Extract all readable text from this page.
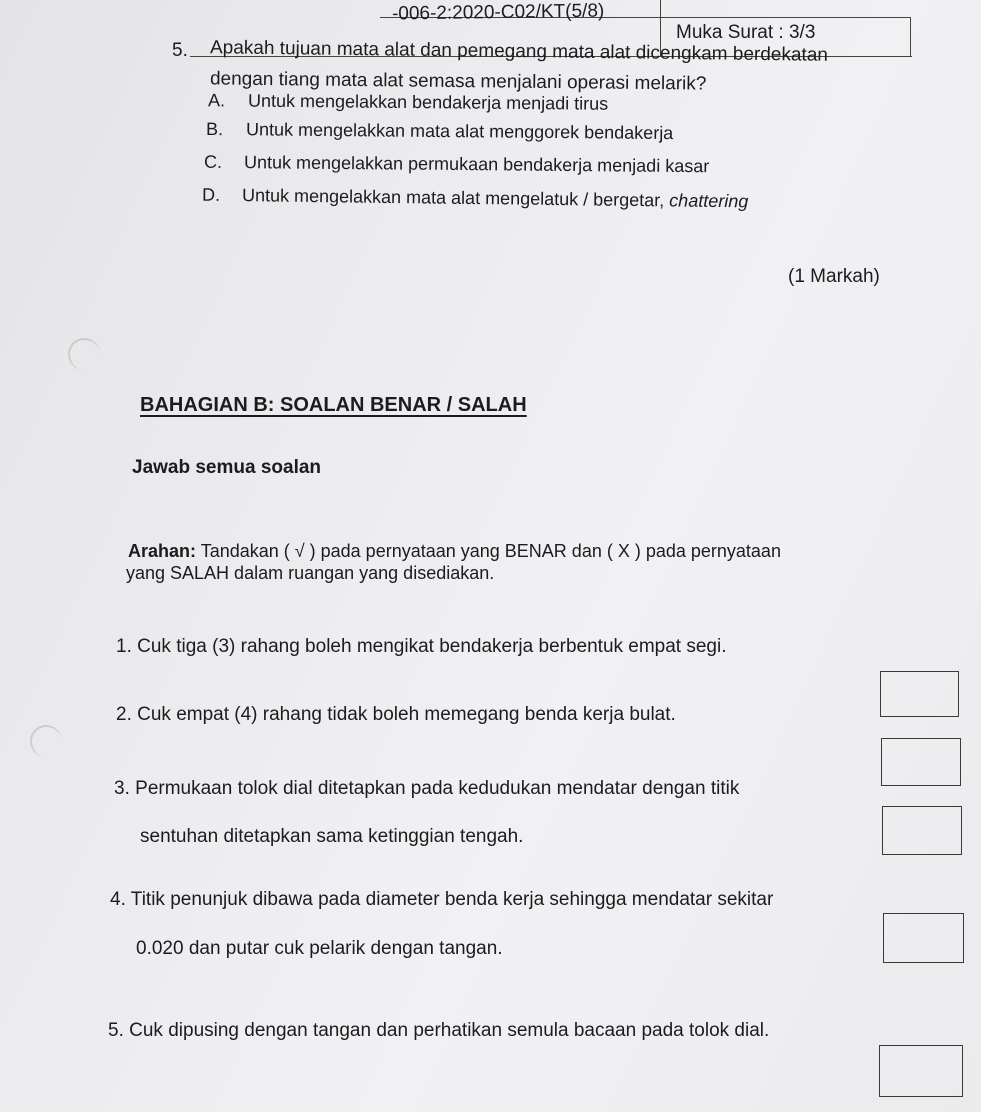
-006-2:2020-C02/KT(5/8)

Muka Surat : 3/3

5. Apakah tujuan mata alat dan pemegang mata alat dicengkam berdekatan

dengan tiang mata alat semasa menjalani operasi melarik?

A. Untuk mengelakkan bendakerja menjadi tirus
B. Untuk mengelakkan mata alat menggorek bendakerja
C. Untuk mengelakkan permukaan bendakerja menjadi kasar
D. Untuk mengelakkan mata alat mengelatuk / bergetar, chattering

(1 Markah)

BAHAGIAN B: SOALAN BENAR / SALAH

Jawab semua soalan

Arahan: Tandakan ( √ ) pada pernyataan yang BENAR dan ( X ) pada pernyataan

yang SALAH dalam ruangan yang disediakan.

1. Cuk tiga (3) rahang boleh mengikat bendakerja berbentuk empat segi.
2. Cuk empat (4) rahang tidak boleh memegang benda kerja bulat.
3. Permukaan tolok dial ditetapkan pada kedudukan mendatar dengan titik

sentuhan ditetapkan sama ketinggian tengah.

4. Titik penunjuk dibawa pada diameter benda kerja sehingga mendatar sekitar

0.020 dan putar cuk pelarik dengan tangan.

5. Cuk dipusing dengan tangan dan perhatikan semula bacaan pada tolok dial.
